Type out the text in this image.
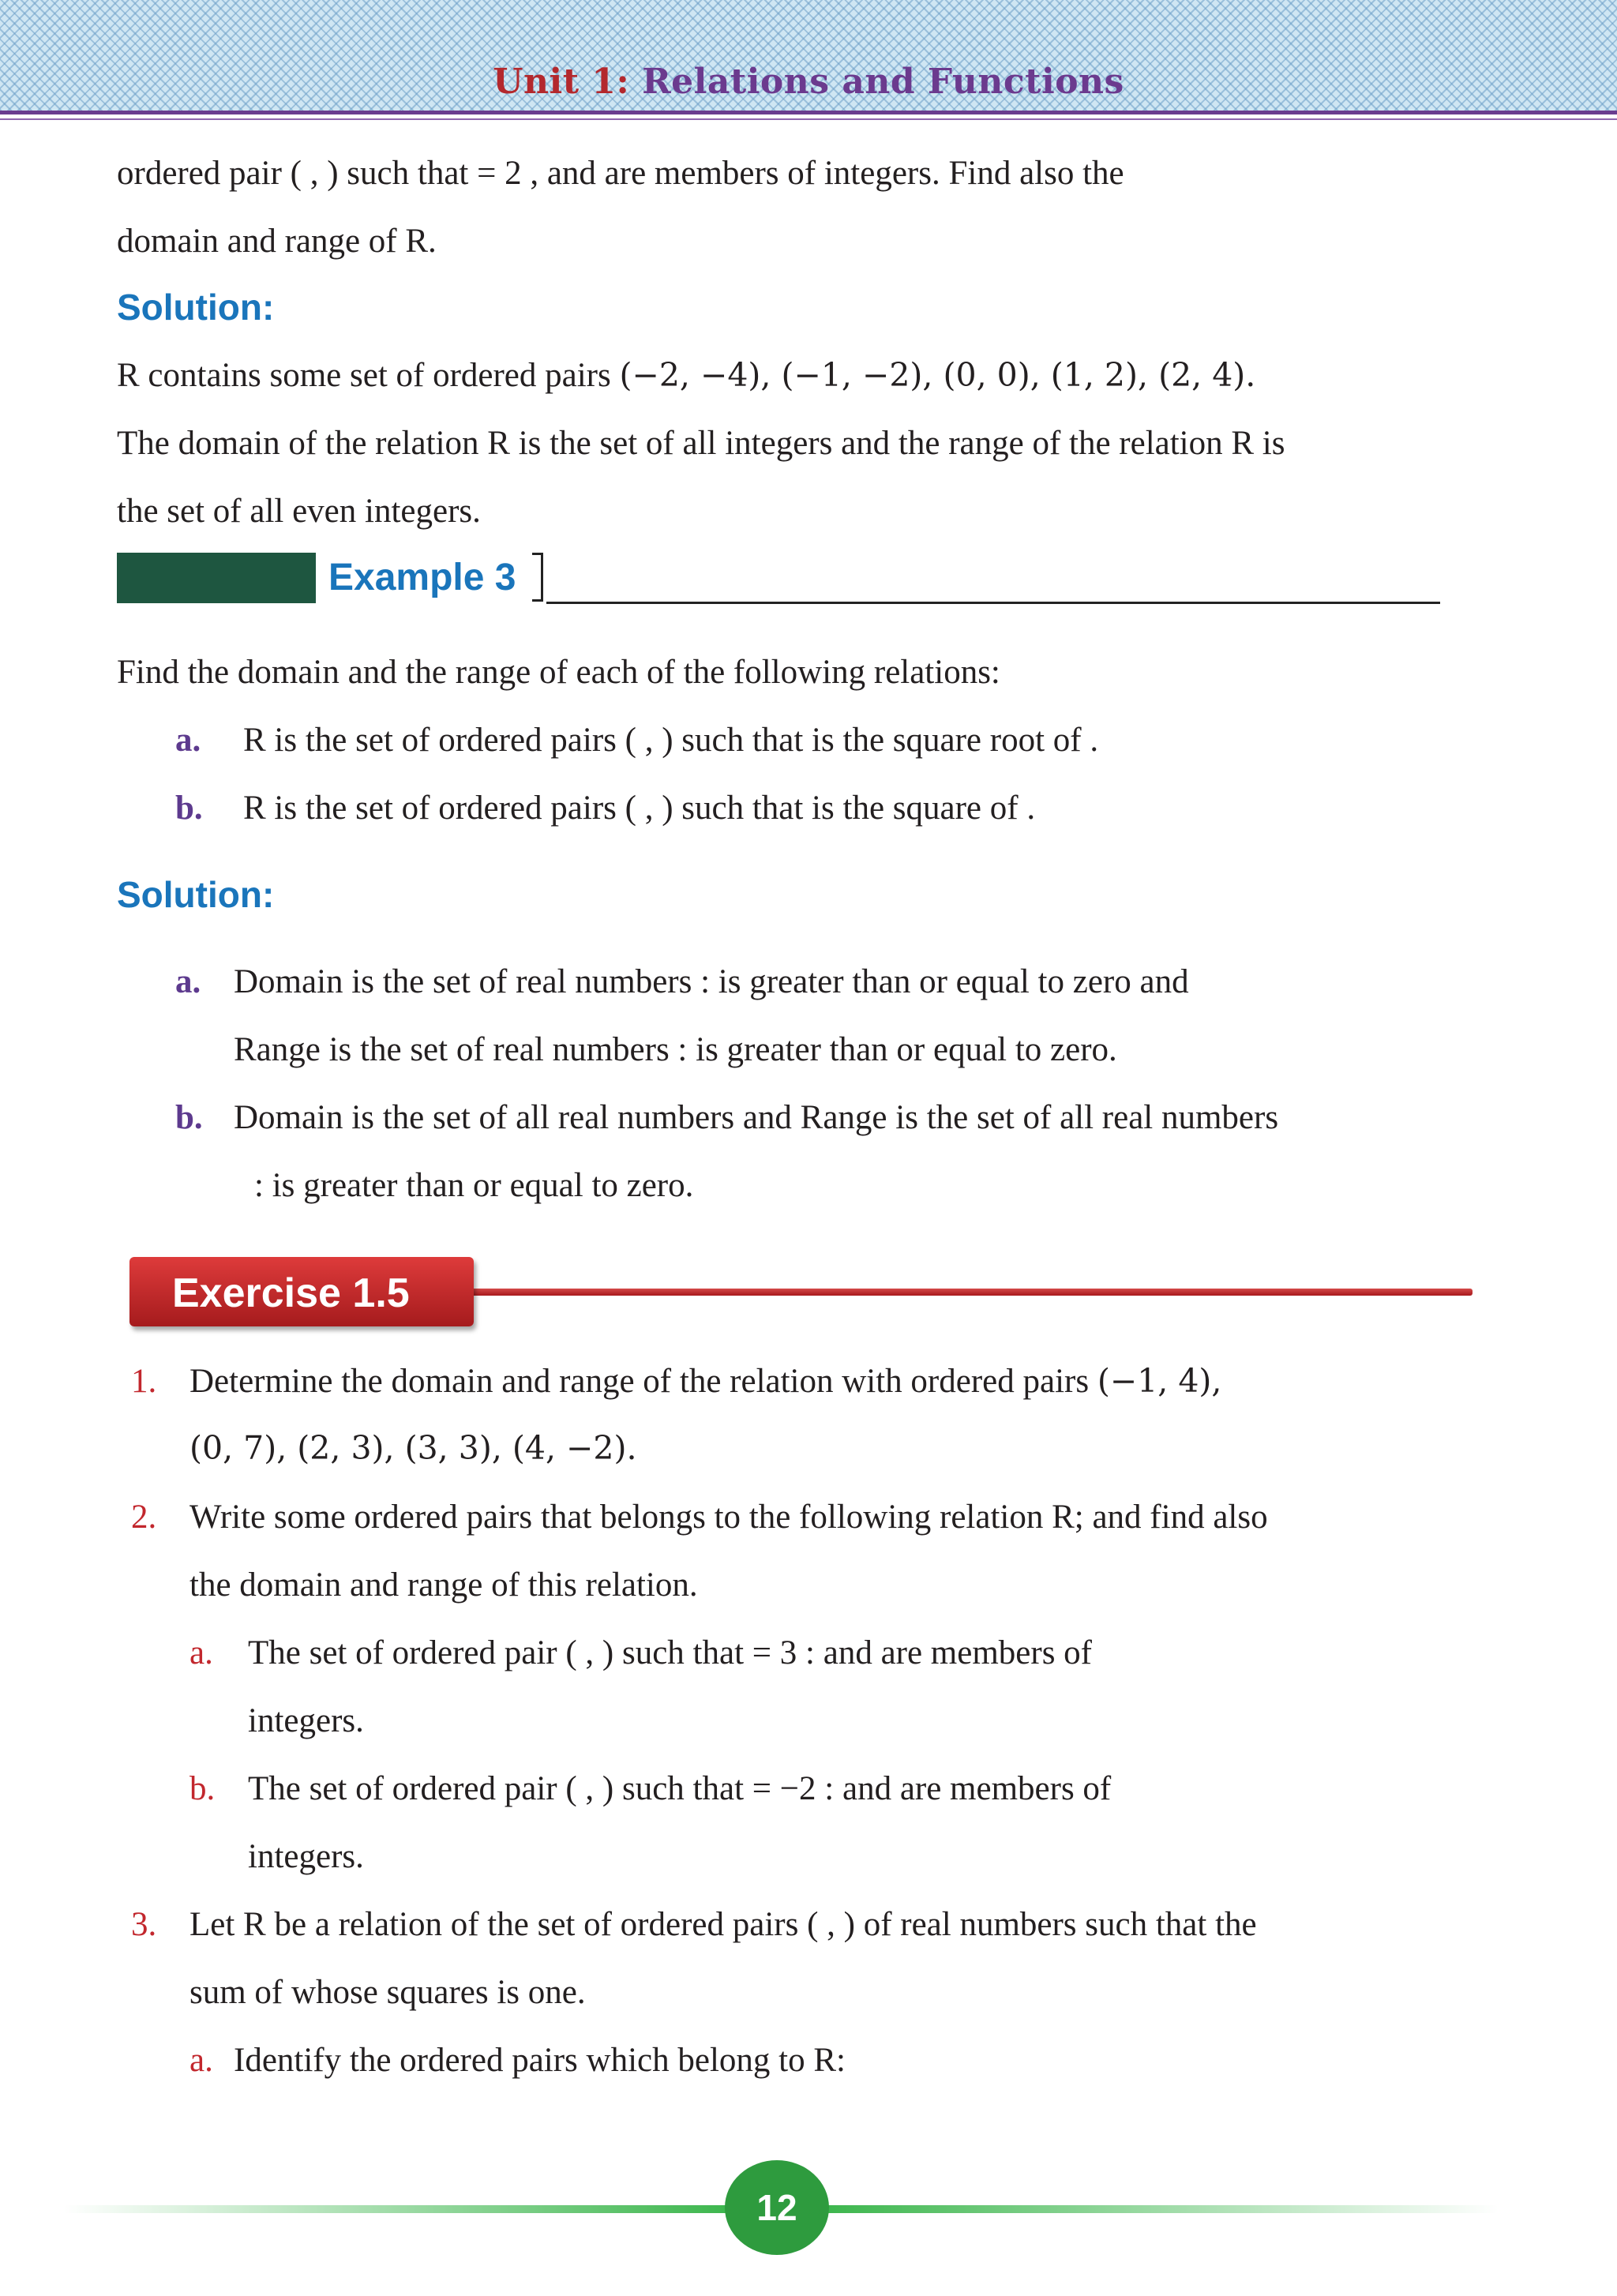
Unit 1: Relations and Functions
ordered pair ( , ) such that = 2 , and are members of integers. Find also the
domain and range of R.
Solution:
R contains some set of ordered pairs (−2, −4), (−1, −2), (0, 0), (1, 2), (2, 4).
The domain of the relation R is the set of all integers and the range of the relation R is
the set of all even integers.
Example 3
Find the domain and the range of each of the following relations:
a. R is the set of ordered pairs ( , ) such that is the square root of .
b. R is the set of ordered pairs ( , ) such that is the square of .
Solution:
a. Domain is the set of real numbers : is greater than or equal to zero and
Range is the set of real numbers : is greater than or equal to zero.
b. Domain is the set of all real numbers and Range is the set of all real numbers
: is greater than or equal to zero.
Exercise 1.5
1. Determine the domain and range of the relation with ordered pairs (−1, 4),
(0, 7), (2, 3), (3, 3), (4, −2).
2. Write some ordered pairs that belongs to the following relation R; and find also
the domain and range of this relation.
a. The set of ordered pair ( , ) such that = 3 : and are members of
integers.
b. The set of ordered pair ( , ) such that = −2 : and are members of
integers.
3. Let R be a relation of the set of ordered pairs ( , ) of real numbers such that the
sum of whose squares is one.
a. Identify the ordered pairs which belong to R:
12
